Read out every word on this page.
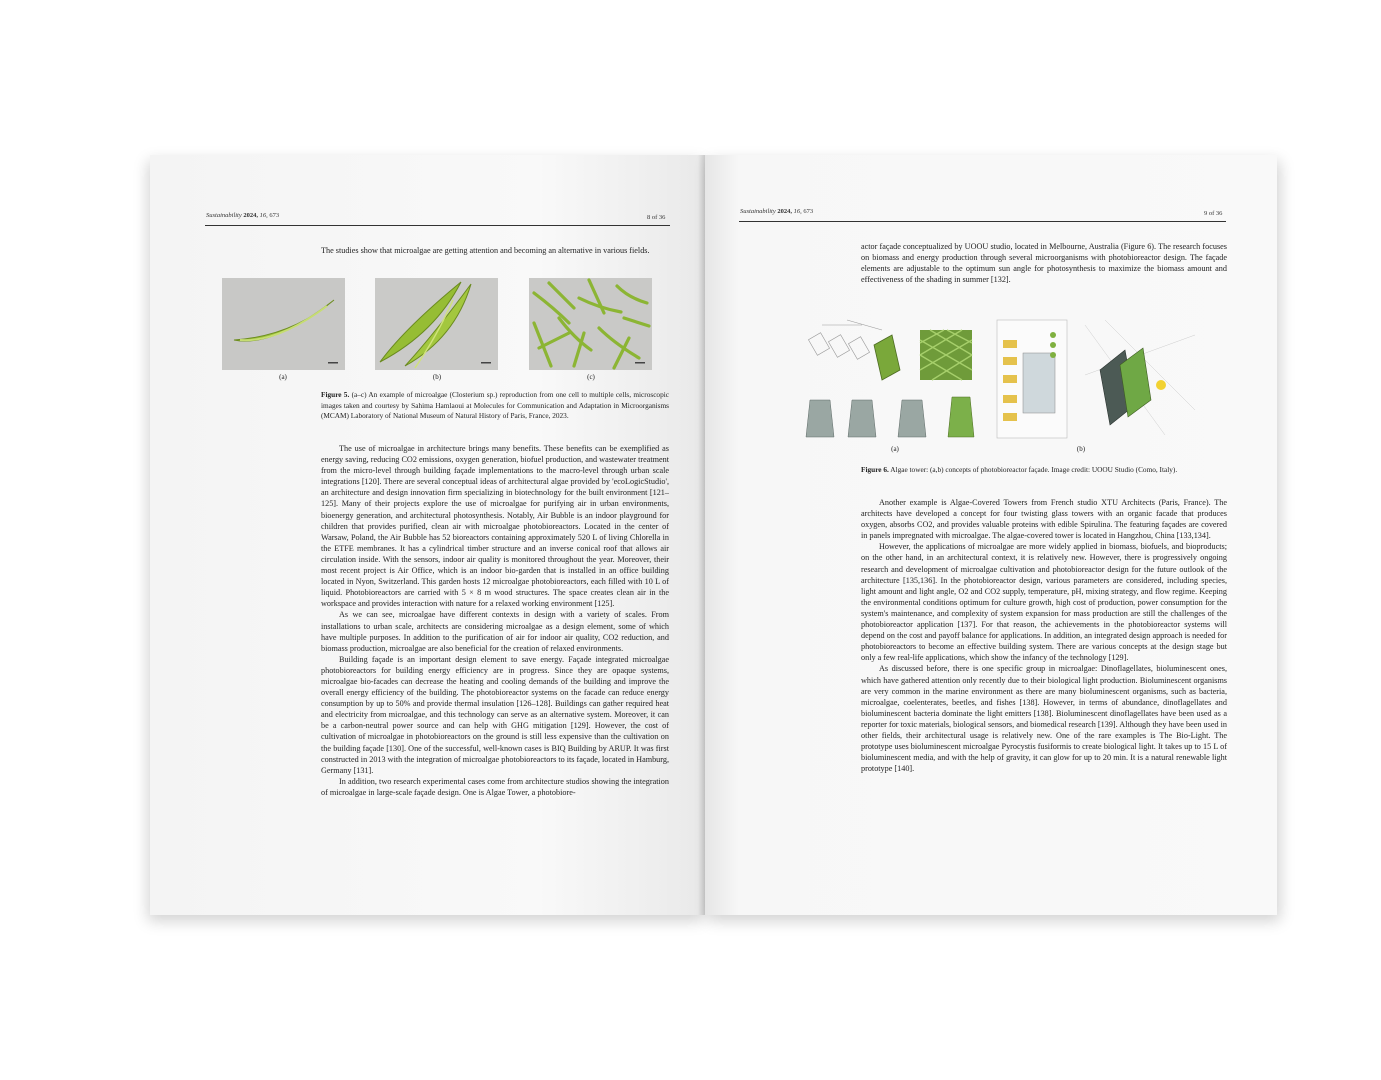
Sustainability 2024, 16, 673	8 of 36

The studies show that microalgae are getting attention and becoming an alternative in various fields.

(a)	(b)	(c)
Figure 5. (a–c) An example of microalgae (Closterium sp.) reproduction from one cell to multiple cells, microscopic images taken and courtesy by Sahima Hamlaoui at Molecules for Communication and Adaptation in Microorganisms (MCAM) Laboratory of National Museum of Natural History of Paris, France, 2023.

The use of microalgae in architecture brings many benefits. These benefits can be exemplified as energy saving, reducing CO2 emissions, oxygen generation, biofuel production, and wastewater treatment from the micro-level through building façade implementations to the macro-level through urban scale integrations [120]. There are several conceptual ideas of architectural algae provided by 'ecoLogicStudio', an architecture and design innovation firm specializing in biotechnology for the built environment [121–125]. Many of their projects explore the use of microalgae for purifying air in urban environments, bioenergy generation, and architectural photosynthesis. Notably, Air Bubble is an indoor playground for children that provides purified, clean air with microalgae photobioreactors. Located in the center of Warsaw, Poland, the Air Bubble has 52 bioreactors containing approximately 520 L of living Chlorella in the ETFE membranes. It has a cylindrical timber structure and an inverse conical roof that allows air circulation inside. With the sensors, indoor air quality is monitored throughout the year. Moreover, their most recent project is Air Office, which is an indoor bio-garden that is installed in an office building located in Nyon, Switzerland. This garden hosts 12 microalgae photobioreactors, each filled with 10 L of liquid. Photobioreactors are carried with 5 × 8 m wood structures. The space creates clean air in the workspace and provides interaction with nature for a relaxed working environment [125].

As we can see, microalgae have different contexts in design with a variety of scales. From installations to urban scale, architects are considering microalgae as a design element, some of which have multiple purposes. In addition to the purification of air for indoor air quality, CO2 reduction, and biomass production, microalgae are also beneficial for the creation of relaxed environments.

Building façade is an important design element to save energy. Façade integrated microalgae photobioreactors for building energy efficiency are in progress. Since they are opaque systems, microalgae bio-facades can decrease the heating and cooling demands of the building and improve the overall energy efficiency of the building. The photobioreactor systems on the facade can reduce energy consumption by up to 50% and provide thermal insulation [126–128]. Buildings can gather required heat and electricity from microalgae, and this technology can serve as an alternative system. Moreover, it can be a carbon-neutral power source and can help with GHG mitigation [129]. However, the cost of cultivation of microalgae in photobioreactors on the ground is still less expensive than the cultivation on the building façade [130]. One of the successful, well-known cases is BIQ Building by ARUP. It was first constructed in 2013 with the integration of microalgae photobioreactors to its façade, located in Hamburg, Germany [131].

In addition, two research experimental cases come from architecture studios showing the integration of microalgae in large-scale façade design. One is Algae Tower, a photobiore-

Sustainability 2024, 16, 673	9 of 36

actor façade conceptualized by UOOU studio, located in Melbourne, Australia (Figure 6). The research focuses on biomass and energy production through several microorganisms with photobioreactor design. The façade elements are adjustable to the optimum sun angle for photosynthesis to maximize the biomass amount and effectiveness of the shading in summer [132].

(a)	(b)
Figure 6. Algae tower: (a,b) concepts of photobioreactor façade. Image credit: UOOU Studio (Como, Italy).

Another example is Algae-Covered Towers from French studio XTU Architects (Paris, France). The architects have developed a concept for four twisting glass towers with an organic facade that produces oxygen, absorbs CO2, and provides valuable proteins with edible Spirulina. The featuring façades are covered in panels impregnated with microalgae. The algae-covered tower is located in Hangzhou, China [133,134].

However, the applications of microalgae are more widely applied in biomass, biofuels, and bioproducts; on the other hand, in an architectural context, it is relatively new. However, there is progressively ongoing research and development of microalgae cultivation and photobioreactor design for the future outlook of the architecture [135,136]. In the photobioreactor design, various parameters are considered, including species, light amount and light angle, O2 and CO2 supply, temperature, pH, mixing strategy, and flow regime. Keeping the environmental conditions optimum for culture growth, high cost of production, power consumption for the system's maintenance, and complexity of system expansion for mass production are still the challenges of the photobioreactor application [137]. For that reason, the achievements in the photobioreactor systems will depend on the cost and payoff balance for applications. In addition, an integrated design approach is needed for photobioreactors to become an effective building system. There are various concepts at the design stage but only a few real-life applications, which show the infancy of the technology [129].

As discussed before, there is one specific group in microalgae: Dinoflagellates, bioluminescent ones, which have gathered attention only recently due to their biological light production. Bioluminescent organisms are very common in the marine environment as there are many bioluminescent organisms, such as bacteria, microalgae, coelenterates, beetles, and fishes [138]. However, in terms of abundance, dinoflagellates and bioluminescent bacteria dominate the light emitters [138]. Bioluminescent dinoflagellates have been used as a reporter for toxic materials, biological sensors, and biomedical research [139]. Although they have been used in other fields, their architectural usage is relatively new. One of the rare examples is The Bio-Light. The prototype uses bioluminescent microalgae Pyrocystis fusiformis to create biological light. It takes up to 15 L of bioluminescent media, and with the help of gravity, it can glow for up to 20 min. It is a natural renewable light prototype [140].
